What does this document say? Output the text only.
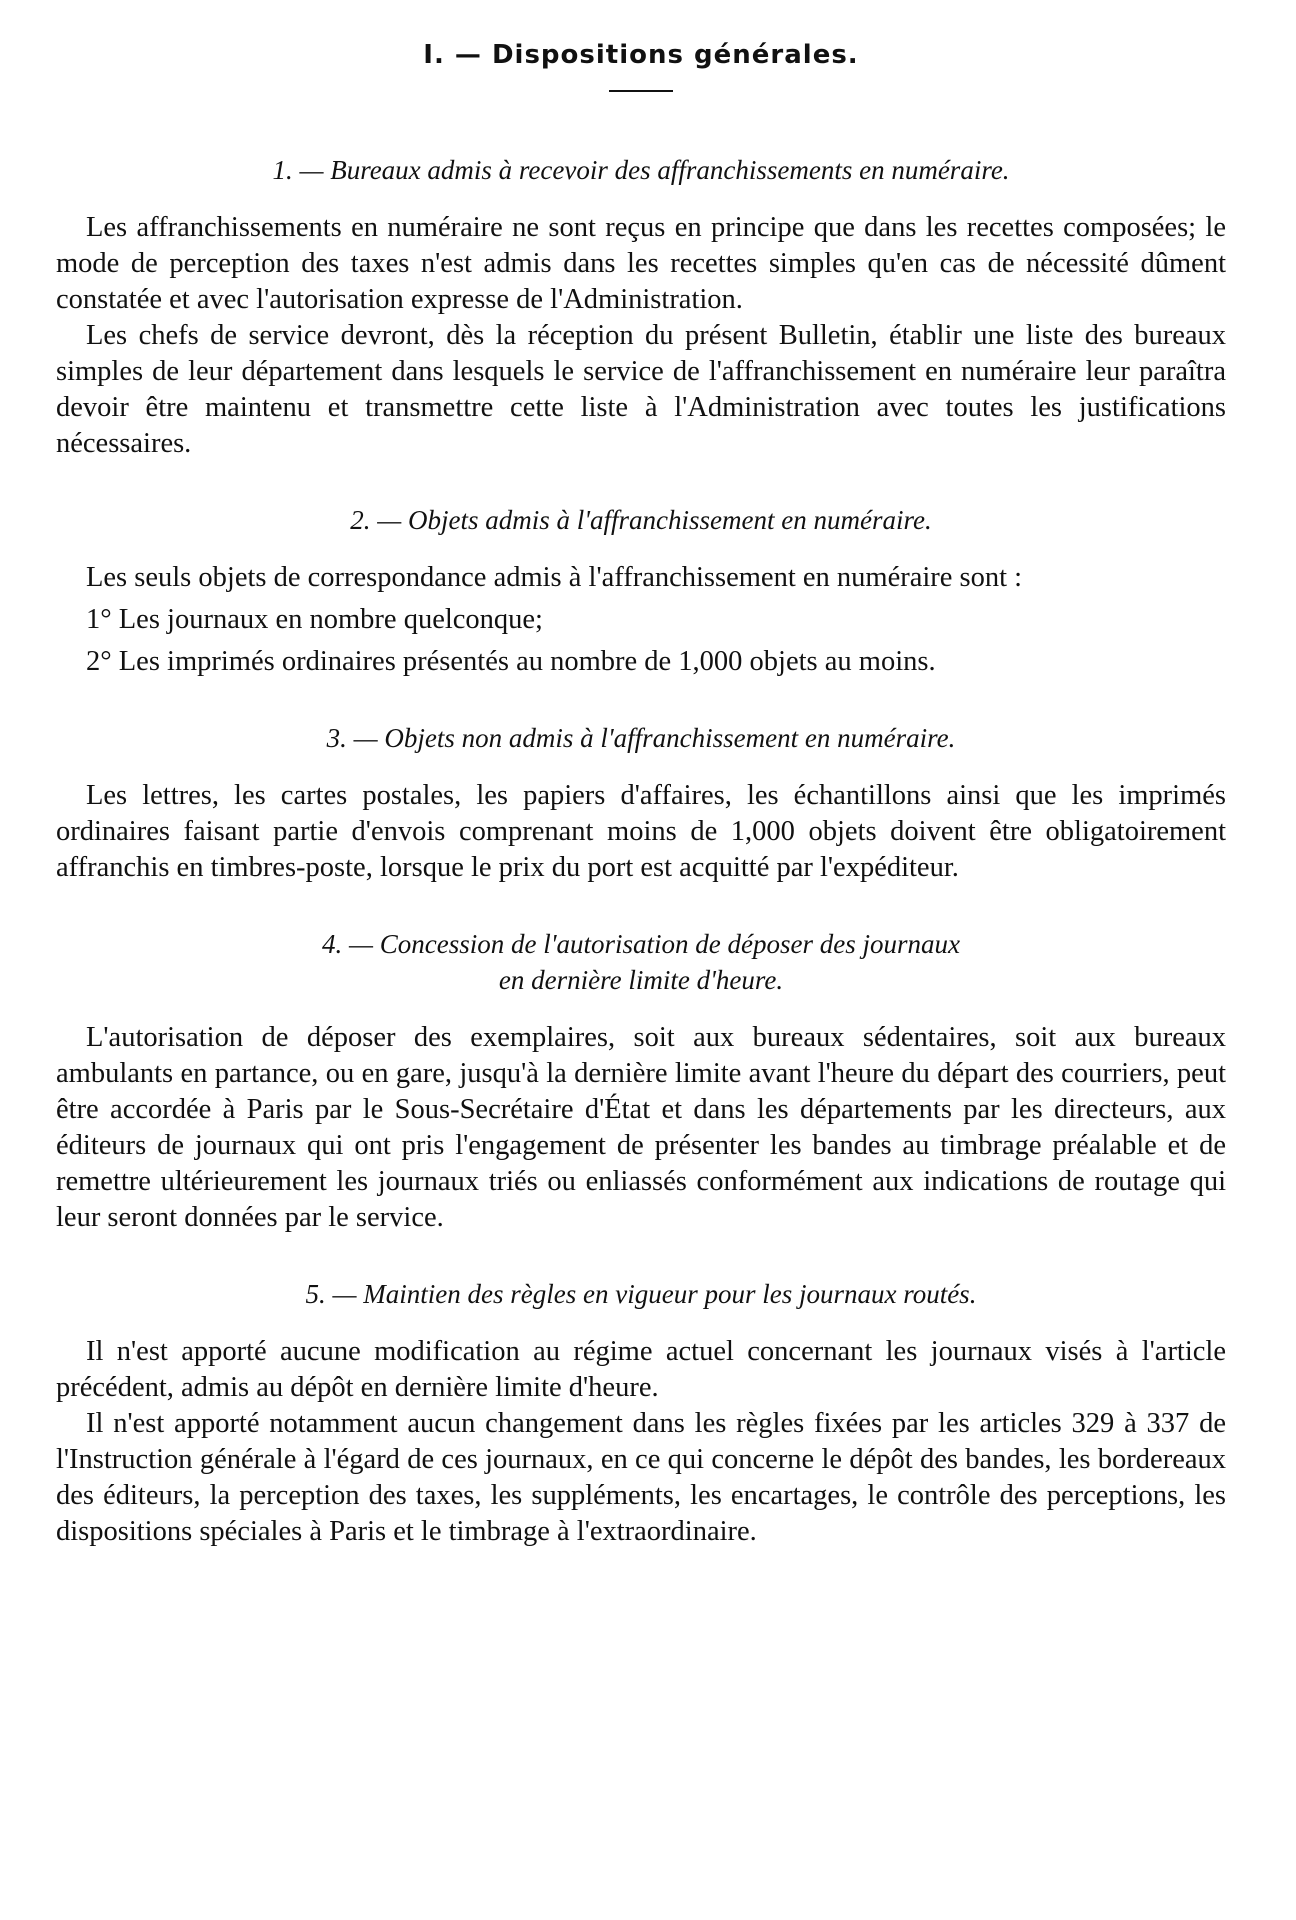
I. — Dispositions générales.
1. — Bureaux admis à recevoir des affranchissements en numéraire.

Les affranchissements en numéraire ne sont reçus en principe que dans les recettes composées; le mode de perception des taxes n'est admis dans les recettes simples qu'en cas de nécessité dûment constatée et avec l'autorisation expresse de l'Administration.

Les chefs de service devront, dès la réception du présent Bulletin, établir une liste des bureaux simples de leur département dans lesquels le service de l'affranchissement en numéraire leur paraîtra devoir être maintenu et transmettre cette liste à l'Administration avec toutes les justifications nécessaires.

2. — Objets admis à l'affranchissement en numéraire.

Les seuls objets de correspondance admis à l'affranchissement en numéraire sont :

1° Les journaux en nombre quelconque;

2° Les imprimés ordinaires présentés au nombre de 1,000 objets au moins.

3. — Objets non admis à l'affranchissement en numéraire.

Les lettres, les cartes postales, les papiers d'affaires, les échantillons ainsi que les imprimés ordinaires faisant partie d'envois comprenant moins de 1,000 objets doivent être obligatoirement affranchis en timbres-poste, lorsque le prix du port est acquitté par l'expéditeur.

4. — Concession de l'autorisation de déposer des journaux
en dernière limite d'heure.

L'autorisation de déposer des exemplaires, soit aux bureaux sédentaires, soit aux bureaux ambulants en partance, ou en gare, jusqu'à la dernière limite avant l'heure du départ des courriers, peut être accordée à Paris par le Sous-Secrétaire d'État et dans les départements par les directeurs, aux éditeurs de journaux qui ont pris l'engagement de présenter les bandes au timbrage préalable et de remettre ultérieurement les journaux triés ou enliassés conformément aux indications de routage qui leur seront données par le service.

5. — Maintien des règles en vigueur pour les journaux routés.

Il n'est apporté aucune modification au régime actuel concernant les journaux visés à l'article précédent, admis au dépôt en dernière limite d'heure.

Il n'est apporté notamment aucun changement dans les règles fixées par les articles 329 à 337 de l'Instruction générale à l'égard de ces journaux, en ce qui concerne le dépôt des bandes, les bordereaux des éditeurs, la perception des taxes, les suppléments, les encartages, le contrôle des perceptions, les dispositions spéciales à Paris et le timbrage à l'extraordinaire.
